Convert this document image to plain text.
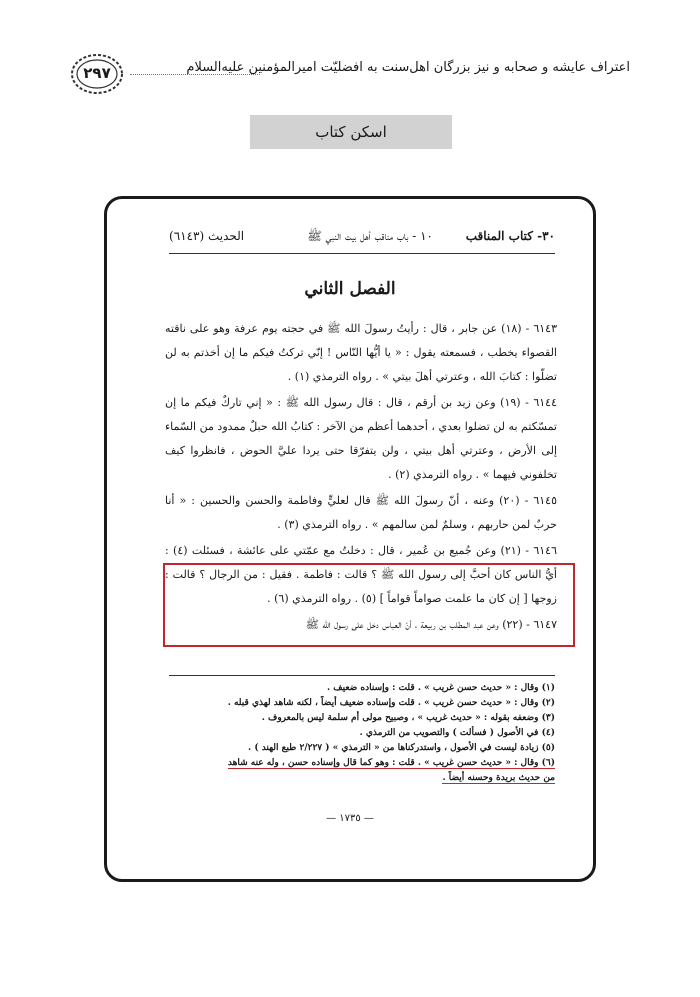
۲۹۷	اعتراف عایشه و صحابه و نیز بزرگان اهل‌سنت به افضلیّت امیرالمؤمنین علیه‌السلام
اسکن کتاب
۳۰- كتاب المناقب
١٠ - باب مناقب أهل بيت النبي ﷺ
الحديث (٦١٤٣)
الفصل الثاني

٦١٤٣ - (١٨) عن جابر ، قال : رأيتُ رسولَ الله ﷺ في حجته يوم عرفة وهو على ناقته القصواء يخطب ، فسمعته يقول : « يا أيُّها النّاس ! إنّي تركتُ فيكم ما إن أخذتم به لن تضلّوا : كتابَ الله ، وعترتي أهلَ بيتي » . رواه الترمذي (١) .

٦١٤٤ - (١٩) وعن زيد بن أرقم ، قال : قال رسول الله ﷺ : « إني تاركٌ فيكم ما إن تمسّكتم به لن تضلوا بعدي ، أحدهما أعظم من الآخر : كتابُ الله حبلٌ ممدود من السّماء إلى الأرض ، وعترتي أهل بيتي ، ولن يتفرّقا حتى يردا عليَّ الحوض ، فانظروا كيف تخلفوني فيهما » . رواه الترمذي (٢) .

٦١٤٥ - (٢٠) وعنه ، أنّ رسولَ الله ﷺ قال لعليٍّ وفاطمة والحسن والحسين : « أنا حربٌ لمن حاربهم ، وسلمٌ لمن سالمهم » . رواه الترمذي (٣) .

٦١٤٦ - (٢١) وعن جُميع بن عُمير ، قال : دخلتُ مع عمّتي على عائشة ، فسئلت (٤) : أيُّ الناس كان أحبَّ إلى رسول الله ﷺ ؟ قالت : فاطمة . فقيل : من الرجال ؟ قالت : زوجها [ إن كان ما علمت صواماً قواماً ] (٥) . رواه الترمذي (٦) .

٦١٤٧ - (٢٢) وعن عبد المطلب بن ربيعة ، أنّ العباس دخل على رسول الله ﷺ

(١) وقال : « حديث حسن غريب » . قلت : وإسناده ضعيف .
(٢) وقال : « حديث حسن غريب » . قلت وإسناده ضعيف أيضاً ، لكنه شاهد لهذي قبله .
(٣) وضعفه بقوله : « حديث غريب » ، وصبيح مولى أم سلمة ليس بالمعروف .
(٤) في الأصول ( فسألت ) والتصويب من الترمذي .
(٥) زيادة ليست في الأصول ، واستدركناها من « الترمذي » ( ٢/٢٢٧ طبع الهند ) .
(٦) وقال : « حديث حسن غريب » . قلت : وهو كما قال وإسناده حسن ، وله عنه شاهد
من حديث بريدة وحسنه أيضاً .
— ١٧٣٥ —
